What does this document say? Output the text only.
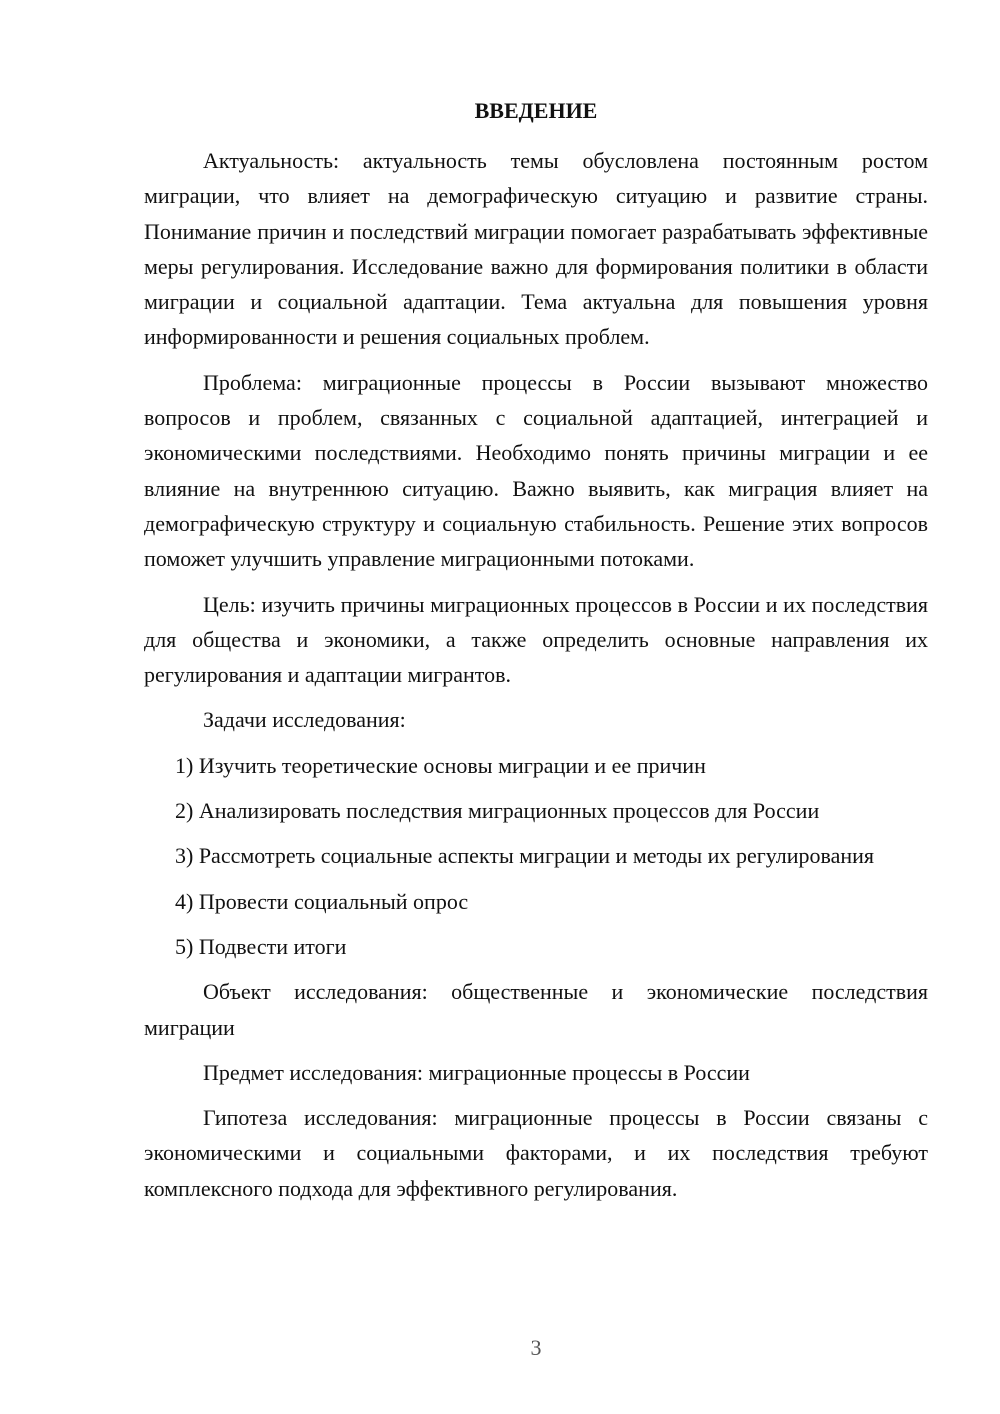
ВВЕДЕНИЕ

Актуальность: актуальность темы обусловлена постоянным ростом миграции, что влияет на демографическую ситуацию и развитие страны. Понимание причин и последствий миграции помогает разрабатывать эффективные меры регулирования. Исследование важно для формирования политики в области миграции и социальной адаптации. Тема актуальна для повышения уровня информированности и решения социальных проблем.

Проблема: миграционные процессы в России вызывают множество вопросов и проблем, связанных с социальной адаптацией, интеграцией и экономическими последствиями. Необходимо понять причины миграции и ее влияние на внутреннюю ситуацию. Важно выявить, как миграция влияет на демографическую структуру и социальную стабильность. Решение этих вопросов поможет улучшить управление миграционными потоками.

Цель: изучить причины миграционных процессов в России и их последствия для общества и экономики, а также определить основные направления их регулирования и адаптации мигрантов.

Задачи исследования:

1) Изучить теоретические основы миграции и ее причин

2) Анализировать последствия миграционных процессов для России

3) Рассмотреть социальные аспекты миграции и методы их регулирования

4) Провести социальный опрос

5) Подвести итоги

Объект исследования: общественные и экономические последствия миграции

Предмет исследования: миграционные процессы в России

Гипотеза исследования: миграционные процессы в России связаны с экономическими и социальными факторами, и их последствия требуют комплексного подхода для эффективного регулирования.

3
